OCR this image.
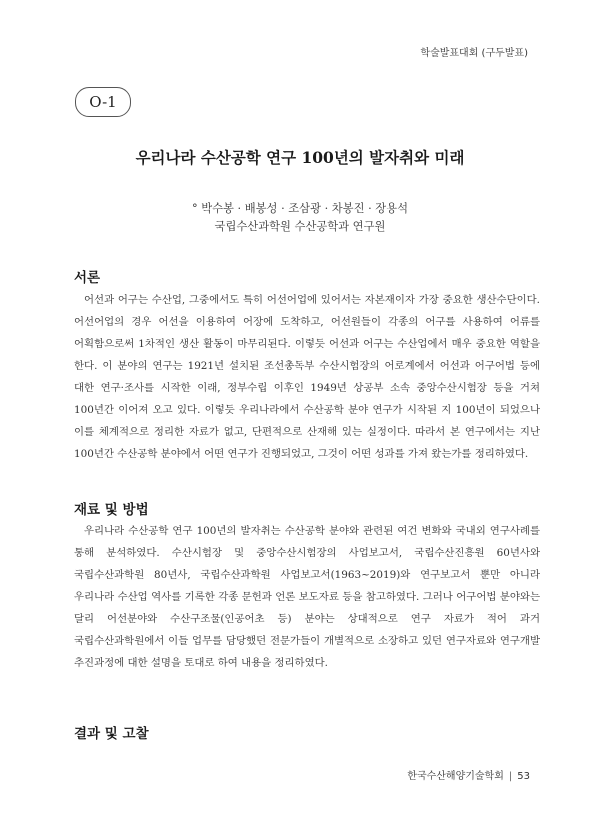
학술발표대회 (구두발표)
O-1
우리나라 수산공학 연구 100년의 발자취와 미래
° 박수봉 · 배봉성 · 조삼광 · 차봉진 · 장용석
국립수산과학원 수산공학과 연구원
서론
어선과 어구는 수산업, 그중에서도 특히 어선어업에 있어서는 자본재이자 가장 중요한 생산수단이다. 어선어업의 경우 어선을 이용하여 어장에 도착하고, 어선원들이 각종의 어구를 사용하여 어류를 어획함으로써 1차적인 생산 활동이 마무리된다. 이렇듯 어선과 어구는 수산업에서 매우 중요한 역할을 한다. 이 분야의 연구는 1921년 설치된 조선총독부 수산시험장의 어로계에서 어선과 어구어법 등에 대한 연구·조사를 시작한 이래, 정부수립 이후인 1949년 상공부 소속 중앙수산시험장 등을 거쳐 100년간 이어져 오고 있다. 이렇듯 우리나라에서 수산공학 분야 연구가 시작된 지 100년이 되었으나 이를 체계적으로 정리한 자료가 없고, 단편적으로 산재해 있는 실정이다. 따라서 본 연구에서는 지난 100년간 수산공학 분야에서 어떤 연구가 진행되었고, 그것이 어떤 성과를 가져 왔는가를 정리하였다.
재료 및 방법
우리나라 수산공학 연구 100년의 발자취는 수산공학 분야와 관련된 여건 변화와 국내외 연구사례를 통해 분석하였다. 수산시험장 및 중앙수산시험장의 사업보고서, 국립수산진흥원 60년사와 국립수산과학원 80년사, 국립수산과학원 사업보고서(1963~2019)와 연구보고서 뿐만 아니라 우리나라 수산업 역사를 기록한 각종 문헌과 언론 보도자료 등을 참고하였다. 그러나 어구어법 분야와는 달리 어선분야와 수산구조물(인공어초 등) 분야는 상대적으로 연구 자료가 적어 과거 국립수산과학원에서 이들 업무를 담당했던 전문가들이 개별적으로 소장하고 있던 연구자료와 연구개발 추진과정에 대한 설명을 토대로 하여 내용을 정리하였다.
결과 및 고찰
한국수산해양기술학회 | 53
